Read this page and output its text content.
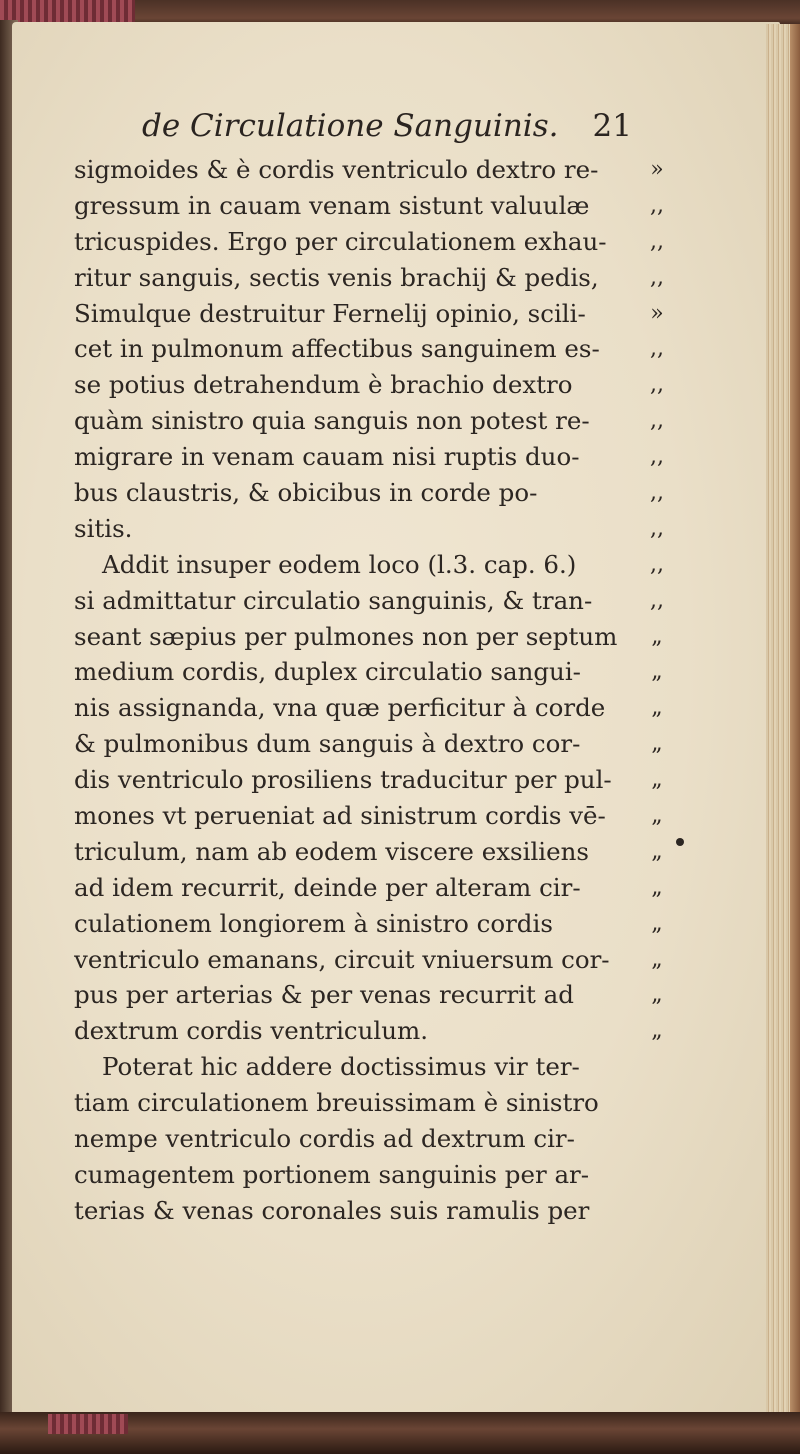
de Circulatione Sanguinis. 21
sigmoides & è cordis ventriculo dextro re-
gressum in cauam venam sistunt valuulæ
tricuspides. Ergo per circulationem exhau-
ritur sanguis, sectis venis brachij & pedis,
Simulque destruitur Fernelij opinio, scili-
cet in pulmonum affectibus sanguinem es-
se potius detrahendum è brachio dextro
quàm sinistro quia sanguis non potest re-
migrare in venam cauam nisi ruptis duo-
bus claustris, & obicibus in corde po-
sitis.
Addit insuper eodem loco (l.3. cap. 6.)
si admittatur circulatio sanguinis, & tran-
seant sæpius per pulmones non per septum
medium cordis, duplex circulatio sangui-
nis assignanda, vna quæ perficitur à corde
& pulmonibus dum sanguis à dextro cor-
dis ventriculo prosiliens traducitur per pul-
mones vt perueniat ad sinistrum cordis vē-
triculum, nam ab eodem viscere exsiliens
ad idem recurrit, deinde per alteram cir-
culationem longiorem à sinistro cordis
ventriculo emanans, circuit vniuersum cor-
pus per arterias & per venas recurrit ad
dextrum cordis ventriculum.
Poterat hic addere doctissimus vir ter-
tiam circulationem breuissimam è sinistro
nempe ventriculo cordis ad dextrum cir-
cumagentem portionem sanguinis per ar-
terias & venas coronales suis ramulis per
»
,,
,,
,,
»
,,
,,
,,
,,
,,
,,
,,
,,
„
„
„
„
„
„
„
„
„
„
„
„
